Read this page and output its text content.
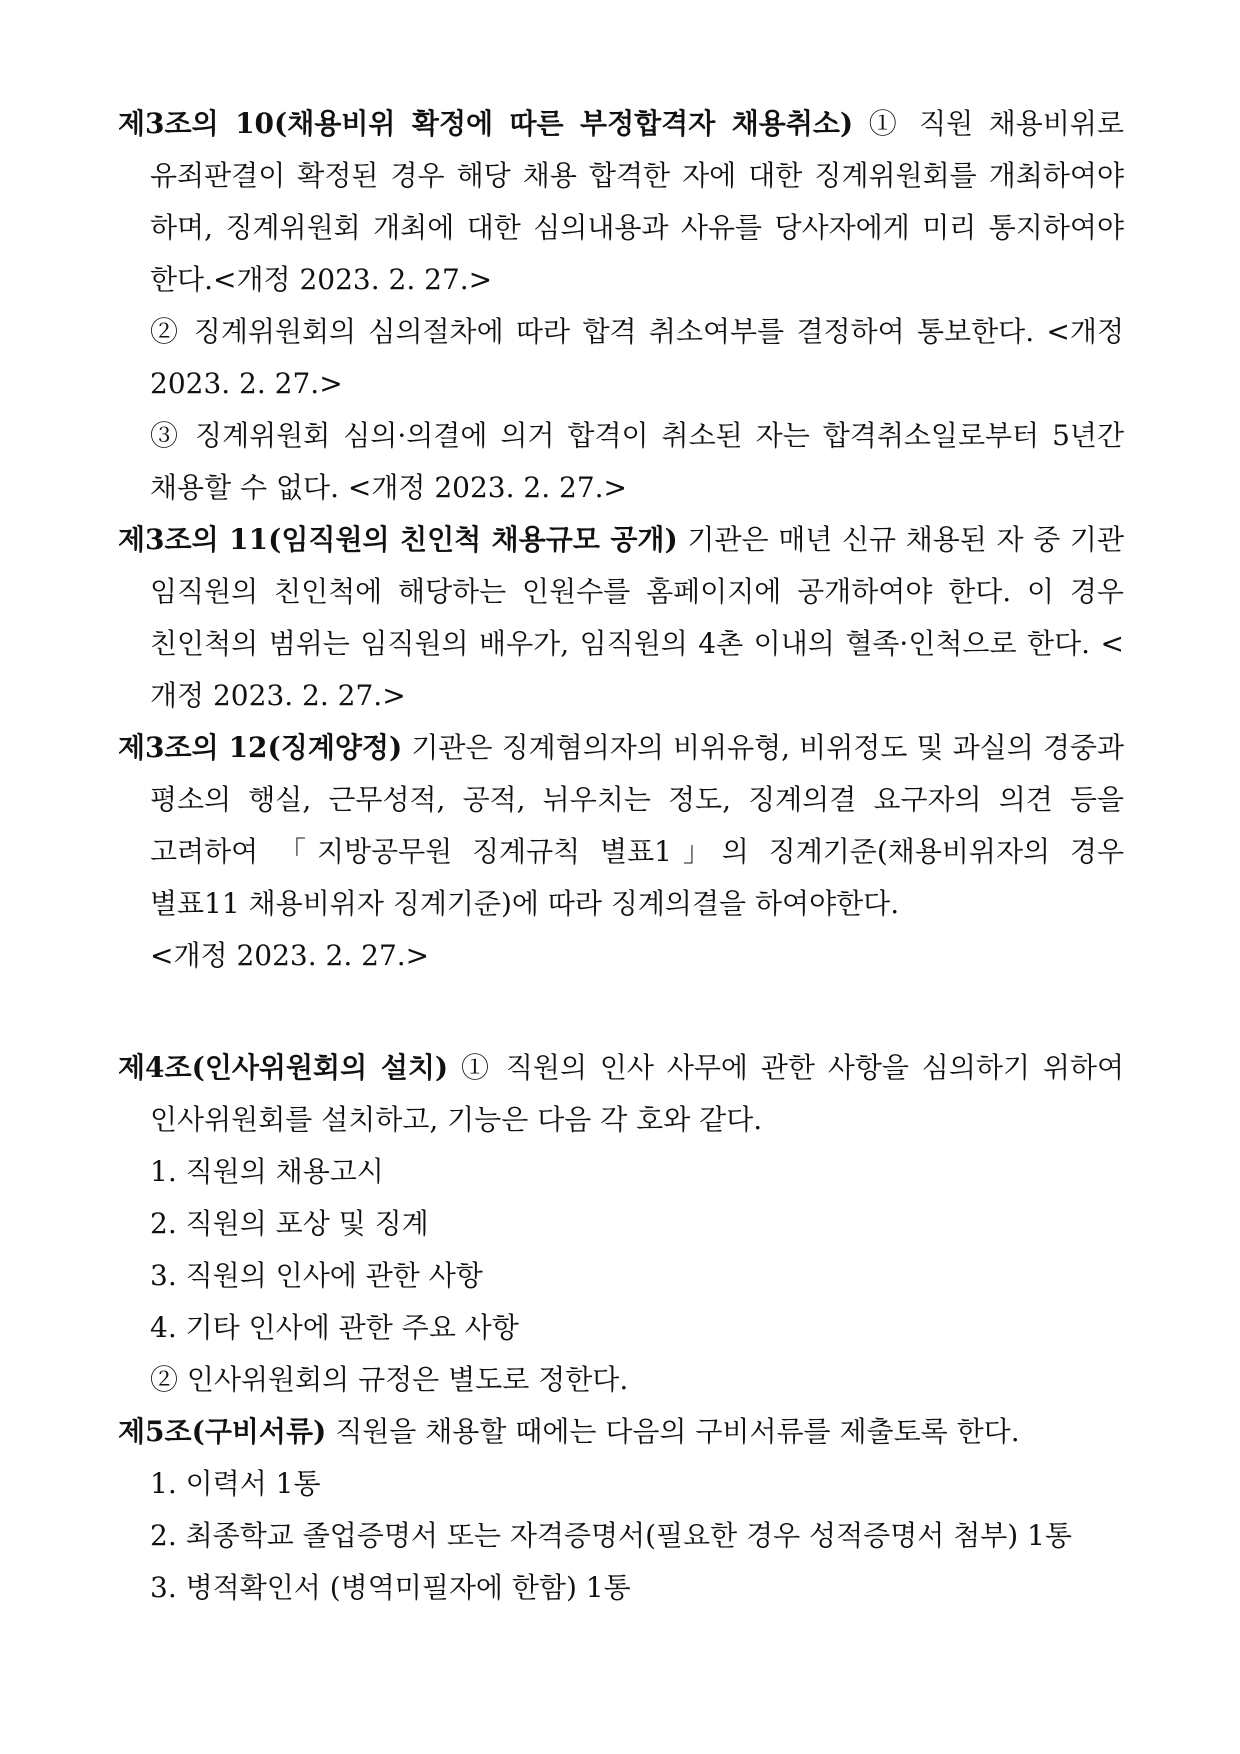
제3조의 10(채용비위 확정에 따른 부정합격자 채용취소) ① 직원 채용비위로 유죄판결이 확정된 경우 해당 채용 합격한 자에 대한 징계위원회를 개최하여야 하며, 징계위원회 개최에 대한 심의내용과 사유를 당사자에게 미리 통지하여야 한다.<개정 2023. 2. 27.>
② 징계위원회의 심의절차에 따라 합격 취소여부를 결정하여 통보한다. <개정 2023. 2. 27.>
③ 징계위원회 심의·의결에 의거 합격이 취소된 자는 합격취소일로부터 5년간 채용할 수 없다. <개정 2023. 2. 27.>
제3조의 11(임직원의 친인척 채용규모 공개) 기관은 매년 신규 채용된 자 중 기관 임직원의 친인척에 해당하는 인원수를 홈페이지에 공개하여야 한다. 이 경우 친인척의 범위는 임직원의 배우가, 임직원의 4촌 이내의 혈족·인척으로 한다. <개정 2023. 2. 27.>
제3조의 12(징계양정) 기관은 징계혐의자의 비위유형, 비위정도 및 과실의 경중과 평소의 행실, 근무성적, 공적, 뉘우치는 정도, 징계의결 요구자의 의견 등을 고려하여 「지방공무원 징계규칙 별표1」의 징계기준(채용비위자의 경우 별표11 채용비위자 징계기준)에 따라 징계의결을 하여야한다.
<개정 2023. 2. 27.>
제4조(인사위원회의 설치) ① 직원의 인사 사무에 관한 사항을 심의하기 위하여 인사위원회를 설치하고, 기능은 다음 각 호와 같다.
1. 직원의 채용고시
2. 직원의 포상 및 징계
3. 직원의 인사에 관한 사항
4. 기타 인사에 관한 주요 사항
② 인사위원회의 규정은 별도로 정한다.
제5조(구비서류) 직원을 채용할 때에는 다음의 구비서류를 제출토록 한다.
1. 이력서 1통
2. 최종학교 졸업증명서 또는 자격증명서(필요한 경우 성적증명서 첨부) 1통
3. 병적확인서 (병역미필자에 한함) 1통
